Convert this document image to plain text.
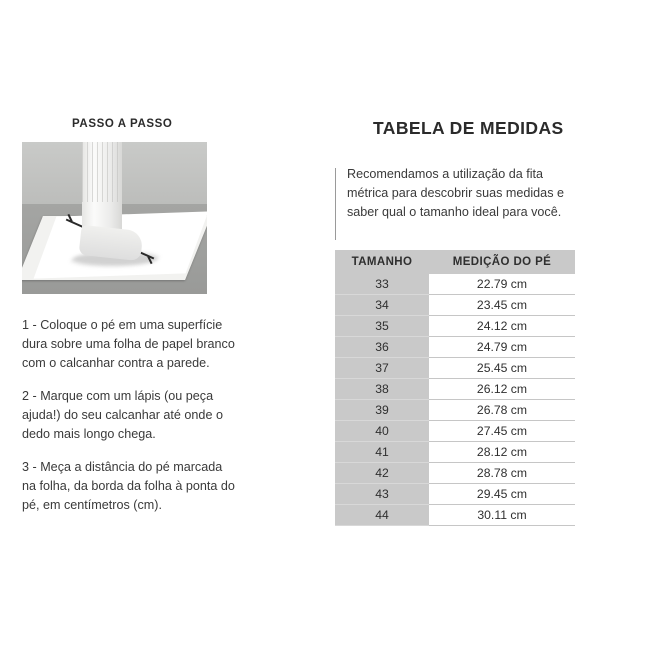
PASSO A PASSO

1 - Coloque o pé em uma superfície dura sobre uma folha de papel branco com o calcanhar contra a parede.

2 - Marque com um lápis (ou peça ajuda!) do seu calcanhar até onde o dedo mais longo chega.

3 - Meça a distância do pé marcada na folha, da borda da folha à ponta do pé, em centímetros (cm).

TABELA DE MEDIDAS
Recomendamos a utilização da fita métrica para descobrir suas medidas e saber qual o tamanho ideal para você.
TAMANHO	MEDIÇÃO DO PÉ
33	22.79 cm
34	23.45 cm
35	24.12 cm
36	24.79 cm
37	25.45 cm
38	26.12 cm
39	26.78 cm
40	27.45 cm
41	28.12 cm
42	28.78 cm
43	29.45 cm
44	30.11 cm
